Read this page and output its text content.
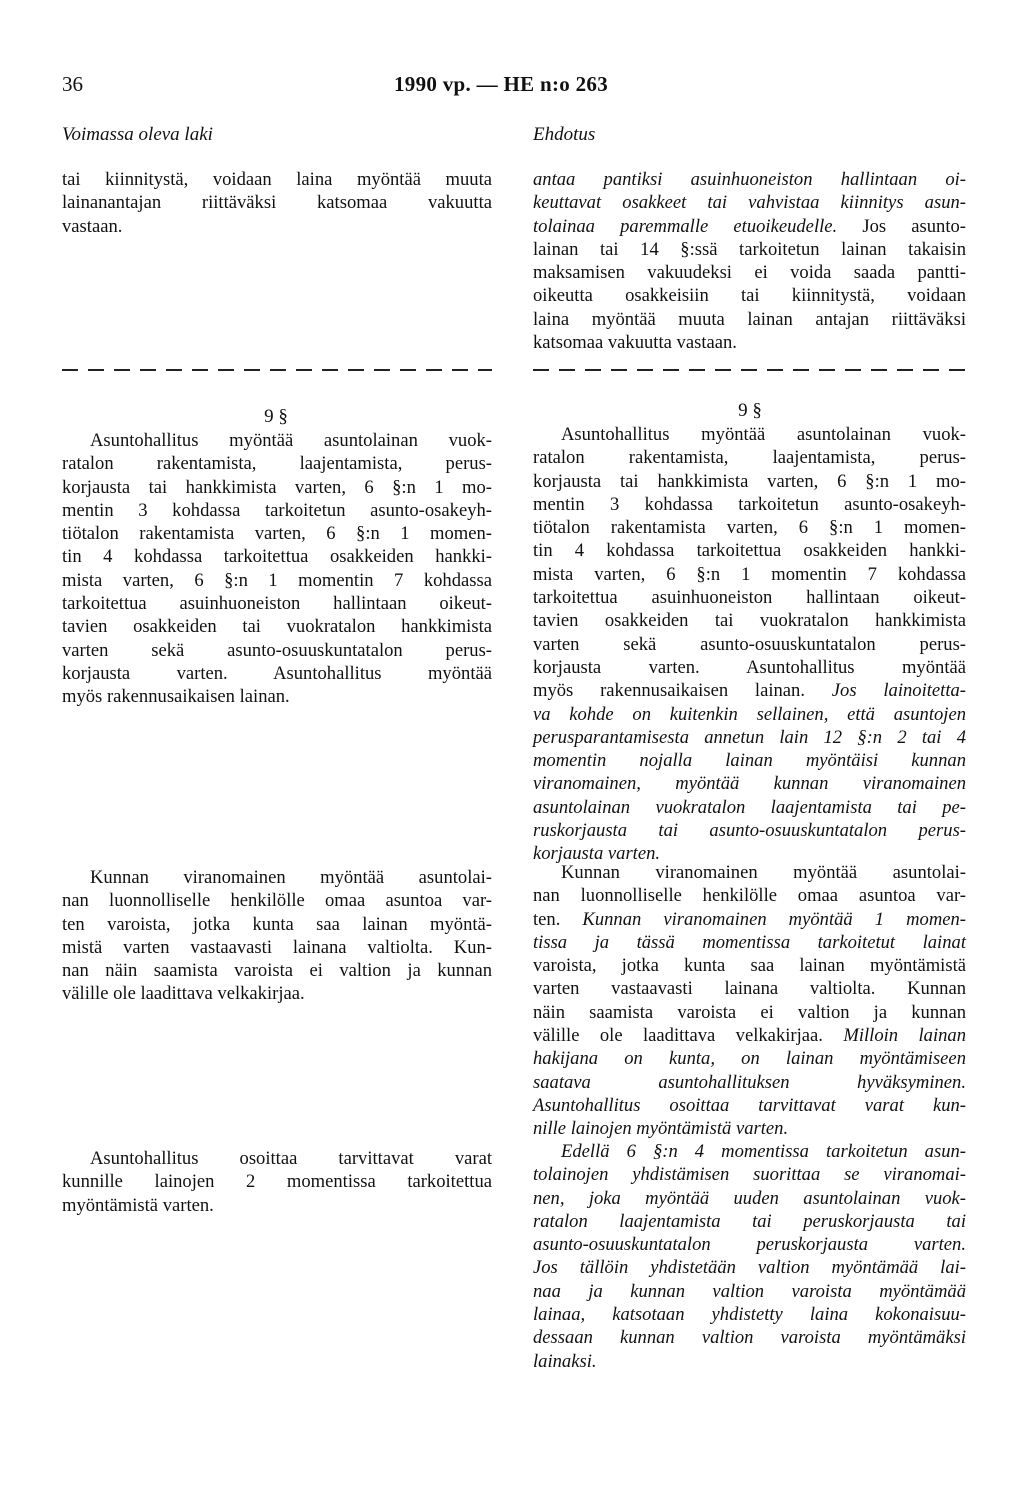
36	1990 vp. — HE n:o 263
Voimassa oleva laki	Ehdotus
tai kiinnitystä, voidaan laina myöntää muuta
lainanantajan riittäväksi katsomaa vakuutta
vastaan.
9 §
Asuntohallitus myöntää asuntolainan vuok-
ratalon rakentamista, laajentamista, perus-
korjausta tai hankkimista varten, 6 §:n 1 mo-
mentin 3 kohdassa tarkoitetun asunto-osakeyh-
tiötalon rakentamista varten, 6 §:n 1 momen-
tin 4 kohdassa tarkoitettua osakkeiden hankki-
mista varten, 6 §:n 1 momentin 7 kohdassa
tarkoitettua asuinhuoneiston hallintaan oikeut-
tavien osakkeiden tai vuokratalon hankkimista
varten sekä asunto-osuuskuntatalon perus-
korjausta varten. Asuntohallitus myöntää
myös rakennusaikaisen lainan.
Kunnan viranomainen myöntää asuntolai-
nan luonnolliselle henkilölle omaa asuntoa var-
ten varoista, jotka kunta saa lainan myöntä-
mistä varten vastaavasti lainana valtiolta. Kun-
nan näin saamista varoista ei valtion ja kunnan
välille ole laadittava velkakirjaa.
Asuntohallitus osoittaa tarvittavat varat
kunnille lainojen 2 momentissa tarkoitettua
myöntämistä varten.
antaa pantiksi asuinhuoneiston hallintaan oi-
keuttavat osakkeet tai vahvistaa kiinnitys asun-
tolainaa paremmalle etuoikeudelle. Jos asunto-
lainan tai 14 §:ssä tarkoitetun lainan takaisin
maksamisen vakuudeksi ei voida saada pantti-
oikeutta osakkeisiin tai kiinnitystä, voidaan
laina myöntää muuta lainan antajan riittäväksi
katsomaa vakuutta vastaan.
9 §
Asuntohallitus myöntää asuntolainan vuok-
ratalon rakentamista, laajentamista, perus-
korjausta tai hankkimista varten, 6 §:n 1 mo-
mentin 3 kohdassa tarkoitetun asunto-osakeyh-
tiötalon rakentamista varten, 6 §:n 1 momen-
tin 4 kohdassa tarkoitettua osakkeiden hankki-
mista varten, 6 §:n 1 momentin 7 kohdassa
tarkoitettua asuinhuoneiston hallintaan oikeut-
tavien osakkeiden tai vuokratalon hankkimista
varten sekä asunto-osuuskuntatalon perus-
korjausta varten. Asuntohallitus myöntää
myös rakennusaikaisen lainan. Jos lainoitetta-
va kohde on kuitenkin sellainen, että asuntojen
perusparantamisesta annetun lain 12 §:n 2 tai 4
momentin nojalla lainan myöntäisi kunnan
viranomainen, myöntää kunnan viranomainen
asuntolainan vuokratalon laajentamista tai pe-
ruskorjausta tai asunto-osuuskuntatalon perus-
korjausta varten.
Kunnan viranomainen myöntää asuntolai-
nan luonnolliselle henkilölle omaa asuntoa var-
ten. Kunnan viranomainen myöntää 1 momen-
tissa ja tässä momentissa tarkoitetut lainat
varoista, jotka kunta saa lainan myöntämistä
varten vastaavasti lainana valtiolta. Kunnan
näin saamista varoista ei valtion ja kunnan
välille ole laadittava velkakirjaa. Milloin lainan
hakijana on kunta, on lainan myöntämiseen
saatava asuntohallituksen hyväksyminen.
Asuntohallitus osoittaa tarvittavat varat kun-
nille lainojen myöntämistä varten.
Edellä 6 §:n 4 momentissa tarkoitetun asun-
tolainojen yhdistämisen suorittaa se viranomai-
nen, joka myöntää uuden asuntolainan vuok-
ratalon laajentamista tai peruskorjausta tai
asunto-osuuskuntatalon peruskorjausta varten.
Jos tällöin yhdistetään valtion myöntämää lai-
naa ja kunnan valtion varoista myöntämää
lainaa, katsotaan yhdistetty laina kokonaisuu-
dessaan kunnan valtion varoista myöntämäksi
lainaksi.
